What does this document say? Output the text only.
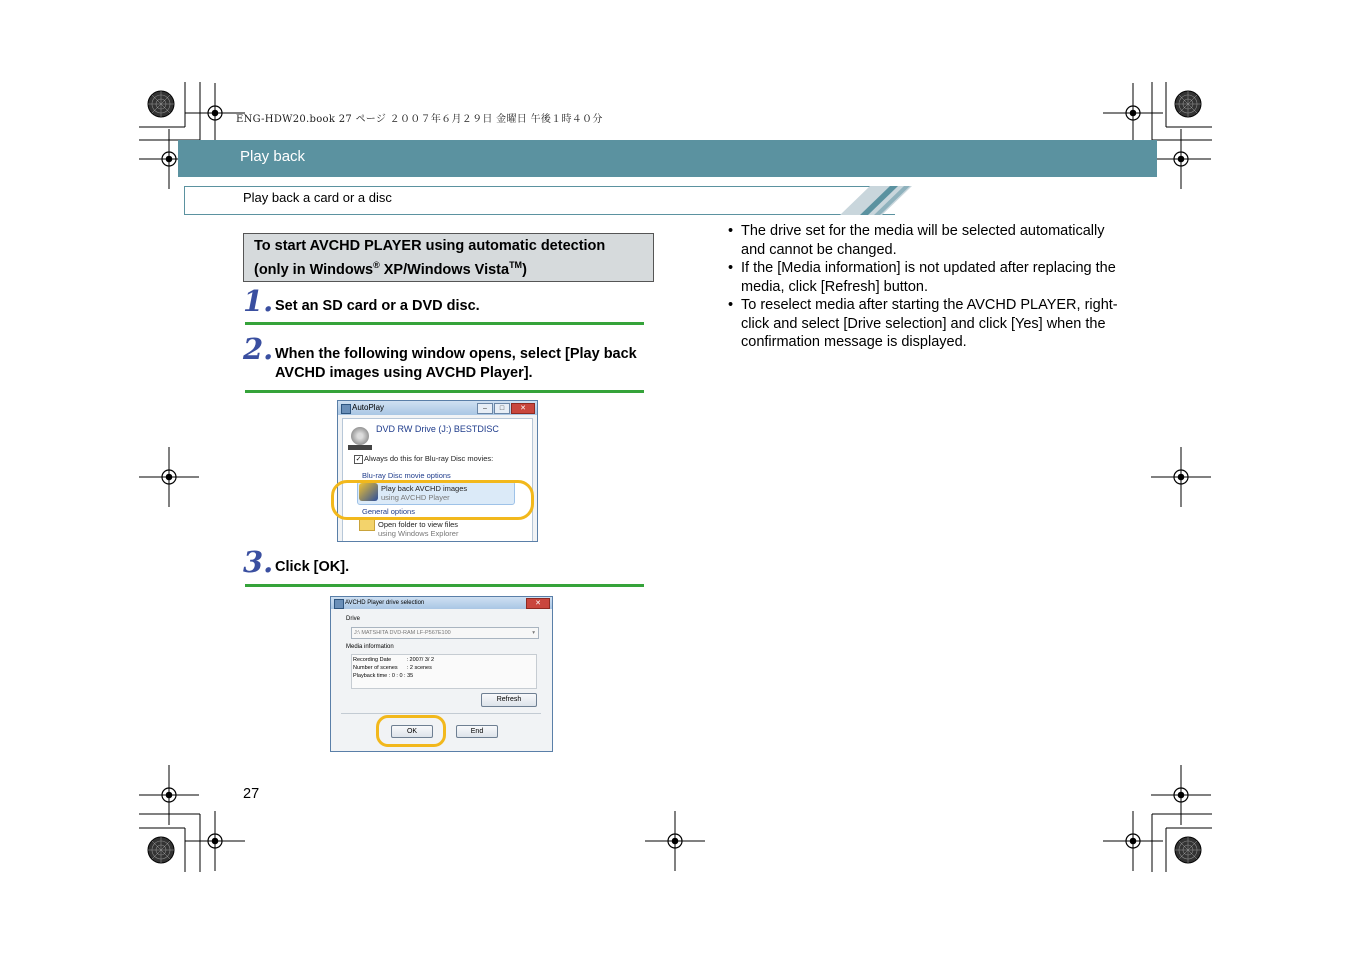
ENG-HDW20.book 27 ページ ２００７年６月２９日 金曜日 午後１時４０分
Play back
Play back a card or a disc
To start AVCHD PLAYER using automatic detection
(only in Windows® XP/Windows Vista™)
1. Set an SD card or a DVD disc.
2. When the following window opens, select [Play back AVCHD images using AVCHD Player].
AutoPlay	–	□	✕
DVD RW Drive (J:) BESTDISC
✓ Always do this for Blu-ray Disc movies:
Blu-ray Disc movie options
Play back AVCHD images
using AVCHD Player
General options
Open folder to view files
using Windows Explorer
3. Click [OK].
AVCHD Player drive selection	✕
Drive
J:\ MATSHITA DVD-RAM LF-P567E100	▾
Media information
Recording Date          : 2007/ 3/ 2
Number of scenes      : 2 scenes
Playback time : 0 : 0 : 35
Refresh
OK	End
• The drive set for the media will be selected automatically and cannot be changed.
• If the [Media information] is not updated after replacing the media, click [Refresh] button.
• To reselect media after starting the AVCHD PLAYER, right-click and select [Drive selection] and click [Yes] when the confirmation message is displayed.
27
